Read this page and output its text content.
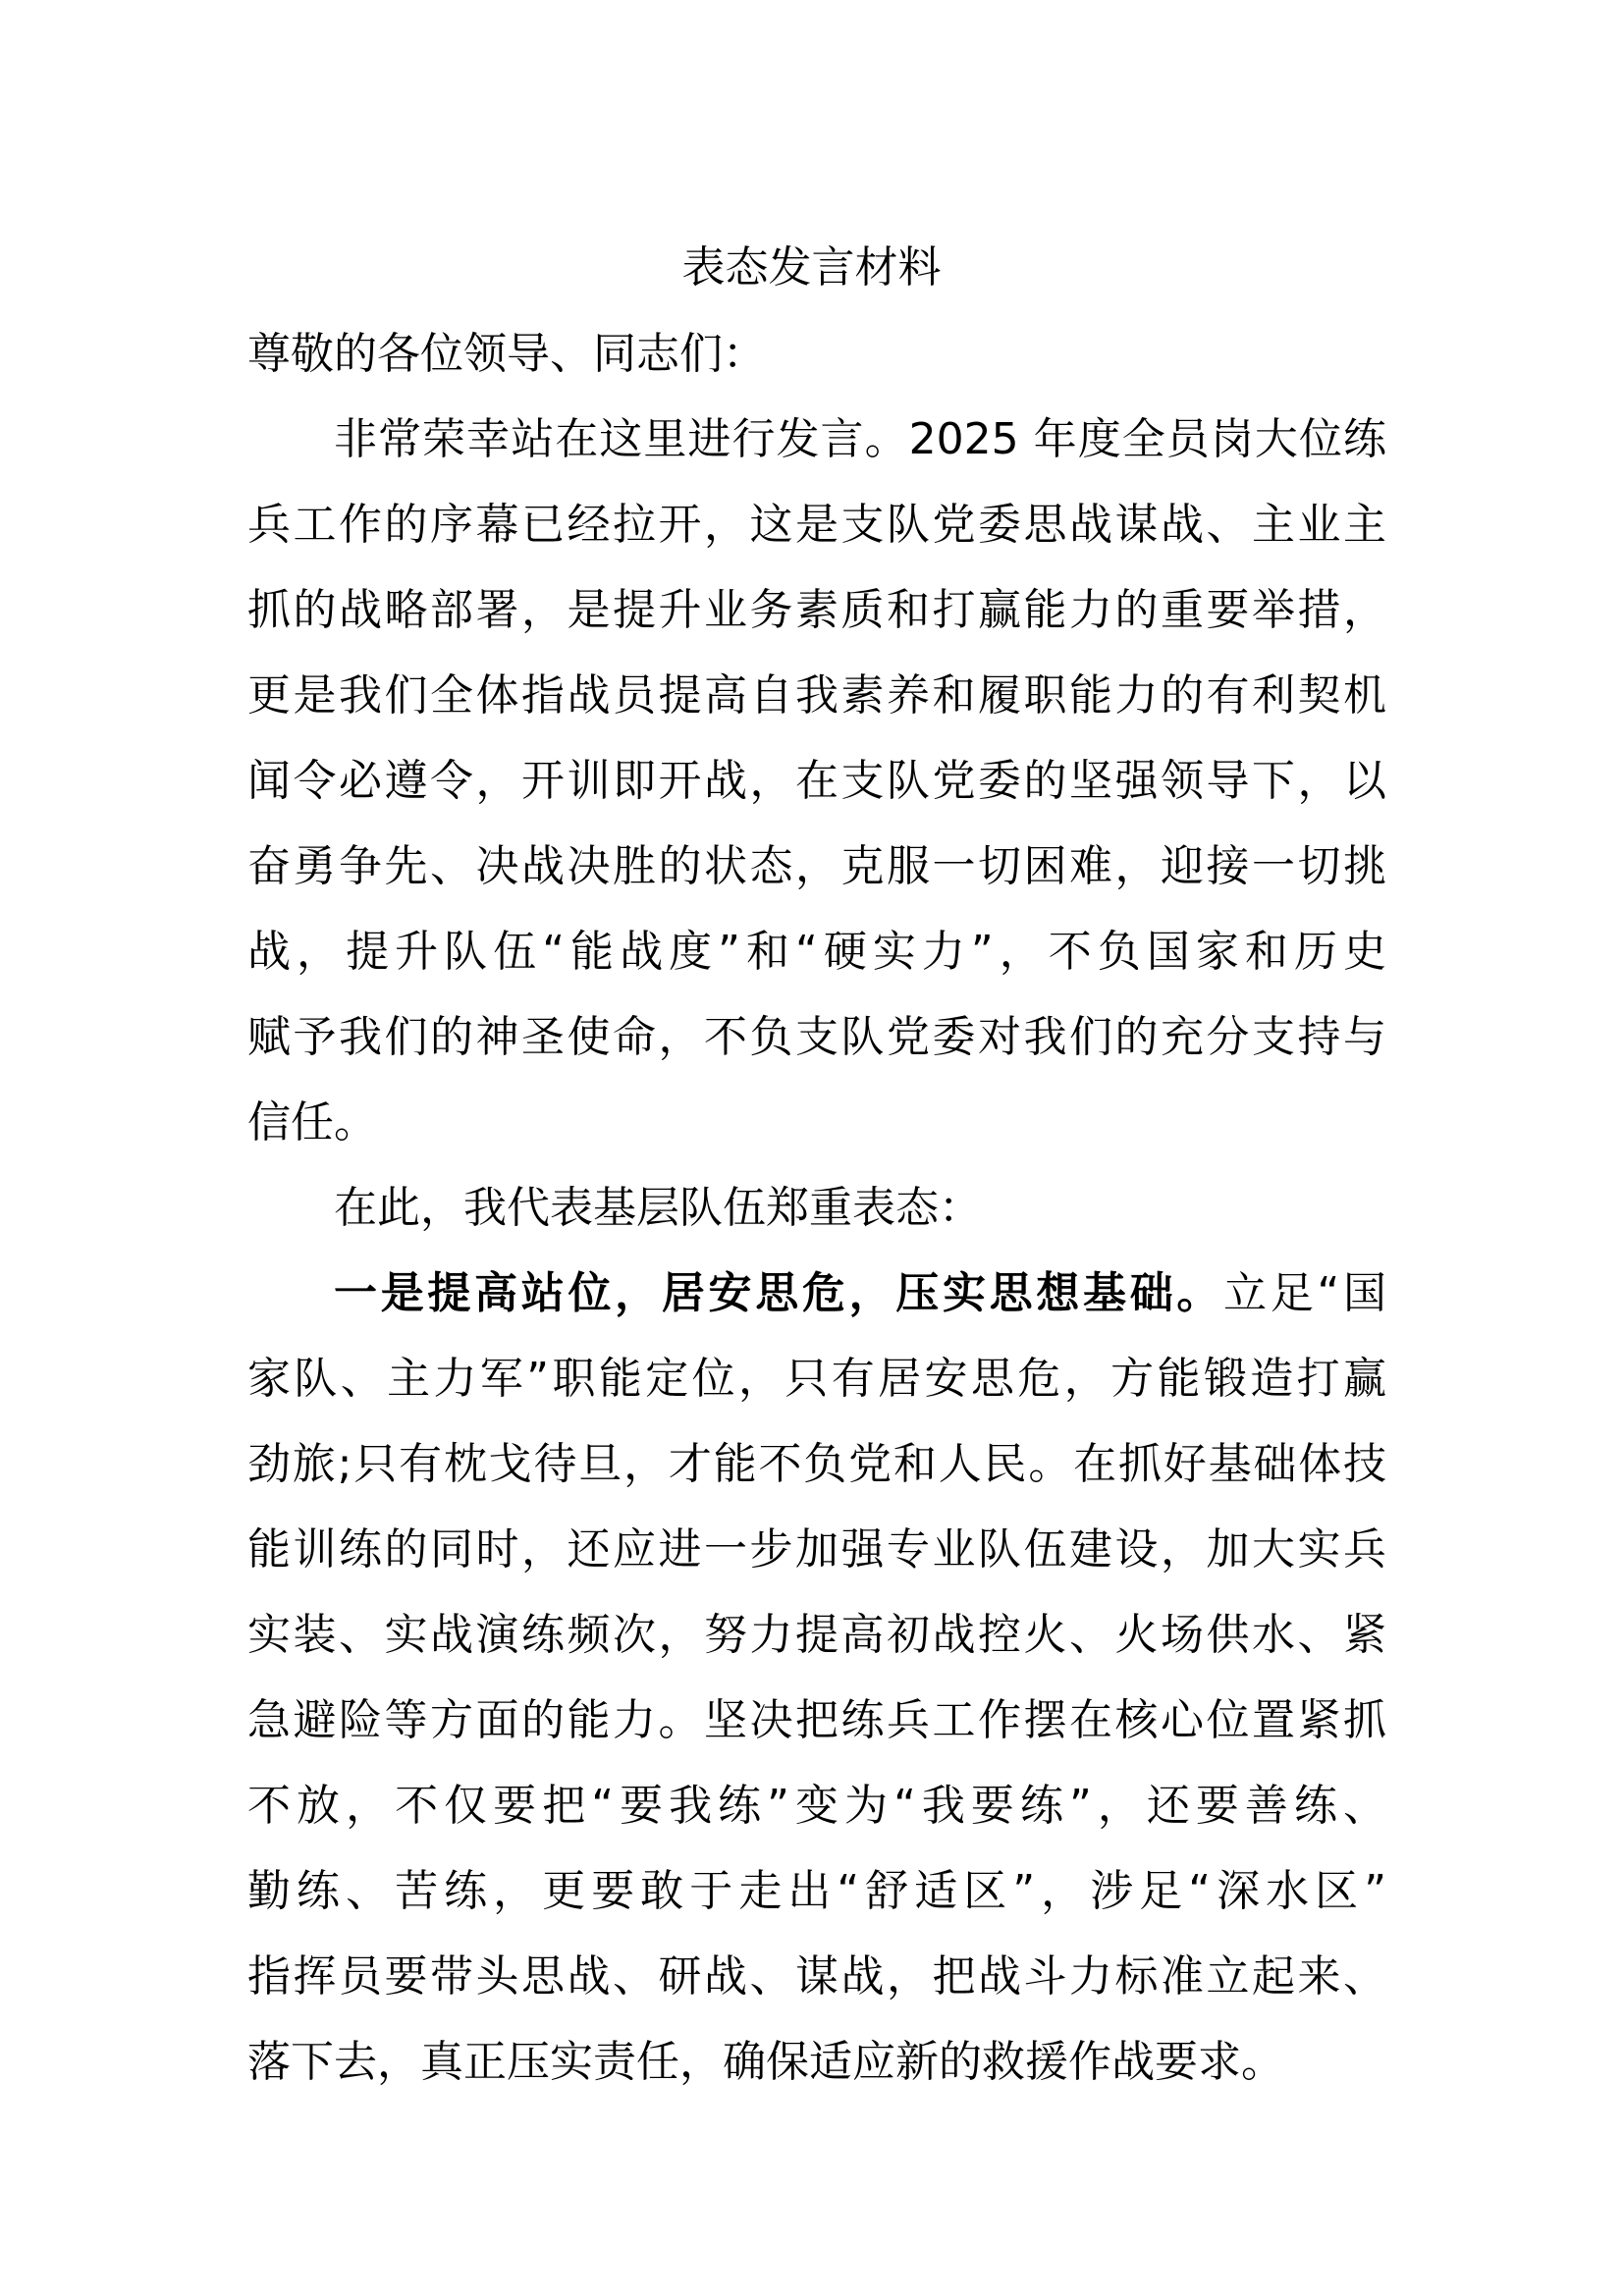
表态发言材料
尊敬的各位领导、同志们：
非常荣幸站在这里进行发言。2025 年度全员岗大位练
兵工作的序幕已经拉开，这是支队党委思战谋战、主业主
抓的战略部署，是提升业务素质和打赢能力的重要举措，
更是我们全体指战员提高自我素养和履职能力的有利契机
闻令必遵令，开训即开战，在支队党委的坚强领导下，以
奋勇争先、决战决胜的状态，克服一切困难，迎接一切挑
战，提升队伍“能战度”和“硬实力”，不负国家和历史
赋予我们的神圣使命，不负支队党委对我们的充分支持与
信任。
在此，我代表基层队伍郑重表态：
一是提高站位，居安思危，压实思想基础。立足“国
家队、主力军”职能定位，只有居安思危，方能锻造打赢
劲旅;只有枕戈待旦，才能不负党和人民。在抓好基础体技
能训练的同时，还应进一步加强专业队伍建设，加大实兵
实装、实战演练频次，努力提高初战控火、火场供水、紧
急避险等方面的能力。坚决把练兵工作摆在核心位置紧抓
不放，不仅要把“要我练”变为“我要练”，还要善练、
勤练、苦练，更要敢于走出“舒适区”，涉足“深水区”
指挥员要带头思战、研战、谋战，把战斗力标准立起来、
落下去，真正压实责任，确保适应新的救援作战要求。
